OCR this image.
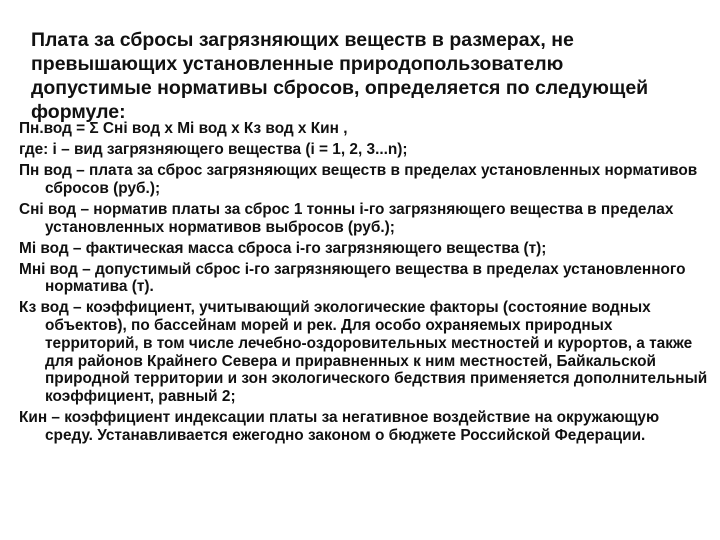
Плата за сбросы загрязняющих веществ в размерах, не превышающих установленные природопользователю допустимые нормативы сбросов, определяется по следующей формуле:

Пн.вод = Σ Снi вод х Мi вод х Кз вод х Кин ,

где: i – вид загрязняющего вещества (i = 1, 2, 3...n);

Пн вод – плата за сброс загрязняющих веществ в пределах установленных нормативов сбросов (руб.);

Снi вод – норматив платы за сброс 1 тонны i-го загрязняющего вещества в пределах установленных нормативов выбросов (руб.);

Мi вод – фактическая масса сброса i-го загрязняющего вещества (т);

Мнi вод – допустимый сброс i-го загрязняющего вещества в пределах установленного норматива (т).

Кз вод – коэффициент, учитывающий экологические факторы (состояние водных объектов), по бассейнам морей и рек. Для особо охраняемых природных территорий, в том числе лечебно-оздоровительных местностей и курортов, а также для районов Крайнего Севера и приравненных к ним местностей, Байкальской природной территории и зон экологического бедствия применяется дополнительный коэффициент, равный 2;

Кин – коэффициент индексации платы за негативное воздействие на окружающую среду. Устанавливается ежегодно законом о бюджете Российской Федерации.
